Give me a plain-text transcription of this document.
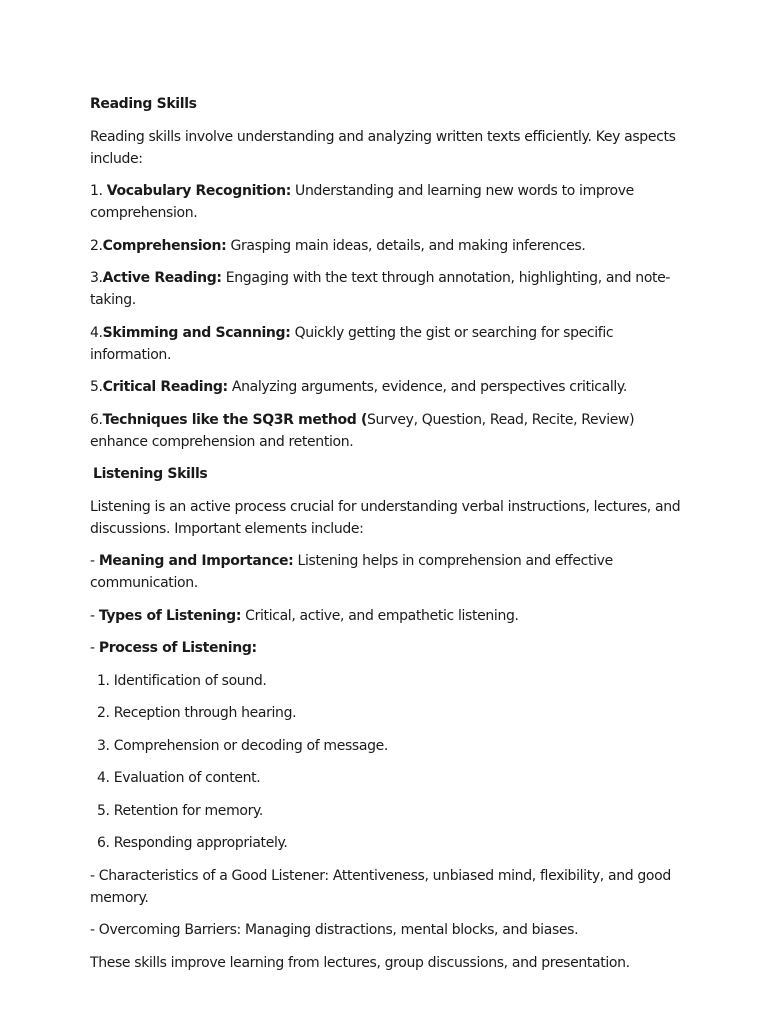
Reading Skills

Reading skills involve understanding and analyzing written texts efficiently. Key aspects include:

1. Vocabulary Recognition: Understanding and learning new words to improve comprehension.

2.Comprehension: Grasping main ideas, details, and making inferences.

3.Active Reading: Engaging with the text through annotation, highlighting, and note-taking.

4.Skimming and Scanning: Quickly getting the gist or searching for specific information.

5.Critical Reading: Analyzing arguments, evidence, and perspectives critically.

6.Techniques like the SQ3R method (Survey, Question, Read, Recite, Review) enhance comprehension and retention.

Listening Skills

Listening is an active process crucial for understanding verbal instructions, lectures, and discussions. Important elements include:

- Meaning and Importance: Listening helps in comprehension and effective communication.

- Types of Listening: Critical, active, and empathetic listening.

- Process of Listening:

1. Identification of sound.

2. Reception through hearing.

3. Comprehension or decoding of message.

4. Evaluation of content.

5. Retention for memory.

6. Responding appropriately.

- Characteristics of a Good Listener: Attentiveness, unbiased mind, flexibility, and good memory.

- Overcoming Barriers: Managing distractions, mental blocks, and biases.

These skills improve learning from lectures, group discussions, and presentation.
